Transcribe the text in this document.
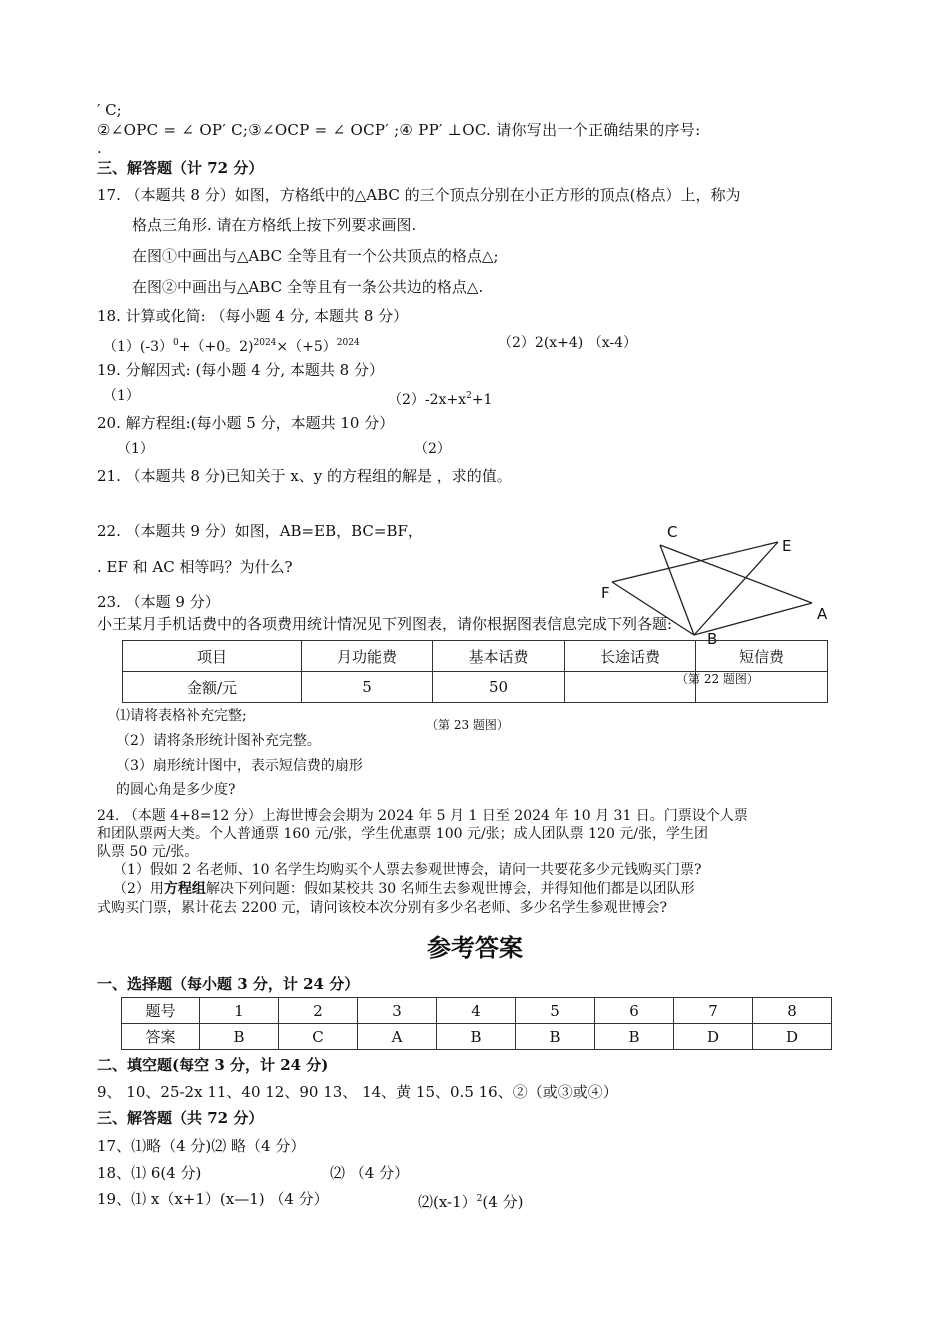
′ C;
②∠OPC = ∠ OP′ C;③∠OCP = ∠ OCP′ ;④ PP′ ⊥OC. 请你写出一个正确结果的序号:
.
三、解答题（计 72 分）
17. （本题共 8 分）如图，方格纸中的△ABC 的三个顶点分别在小正方形的顶点(格点）上，称为
格点三角形. 请在方格纸上按下列要求画图.
在图①中画出与△ABC 全等且有一个公共顶点的格点△;
在图②中画出与△ABC 全等且有一条公共边的格点△.
18. 计算或化简: （每小题 4 分, 本题共 8 分）
（1）(-3）$^0$+（+0。$2)^{2024}\times(+5)^{2024}$	（2）2(x+4) （x-4）
19. 分解因式: (每小题 4 分, 本题共 8 分）
（1）	$(2)-2x+x^2+1$
20. 解方程组:(每小题 5 分，本题共 10 分）
（1）	（2）
21. （本题共 8 分)已知关于 x、y 的方程组的解是 ，求的值。
22. （本题共 9 分）如图，AB=EB，BC=BF，
. EF 和 AC 相等吗？为什么?
C
E
F
A
B
23. （本题 9 分）
小王某月手机话费中的各项费用统计情况见下列图表，请你根据图表信息完成下列各题:
项目	月功能费	基本话费	长途话费	短信费
金额/元	5	50			（第 22 题图）
⑴请将表格补充完整;
（第 23 题图）
（2）请将条形统计图补充完整。
（3）扇形统计图中，表示短信费的扇形
的圆心角是多少度?
24. （本题 4+8=12 分）上海世博会会期为 2024 年 5 月 1 日至 2024 年 10 月 31 日。门票设个人票
和团队票两大类。个人普通票 160 元/张，学生优惠票 100 元/张；成人团队票 120 元/张，学生团
队票 50 元/张。
（1）假如 2 名老师、10 名学生均购买个人票去参观世博会，请问一共要花多少元钱购买门票?
（2）用方程组解决下列问题：假如某校共 30 名师生去参观世博会，并得知他们都是以团队形
式购买门票，累计花去 2200 元，请问该校本次分别有多少名老师、多少名学生参观世博会?
参考答案
一、选择题（每小题 3 分，计 24 分）
题号	1	2	3	4	5	6	7	8
答案	B	C	A	B	B	B	D	D
二、填空题(每空 3 分，计 24 分)
9、 10、25-2x 11、40 12、90 13、 14、黄 15、0.5 16、②（或③或④）
三、解答题（共 72 分）
17、⑴略（4 分)⑵ 略（4 分）
18、⑴ 6(4 分)	⑵ （4 分）
19、⑴ x（x+1）(x—1) （4 分）	⑵(x-1）$^2$(4 分)
